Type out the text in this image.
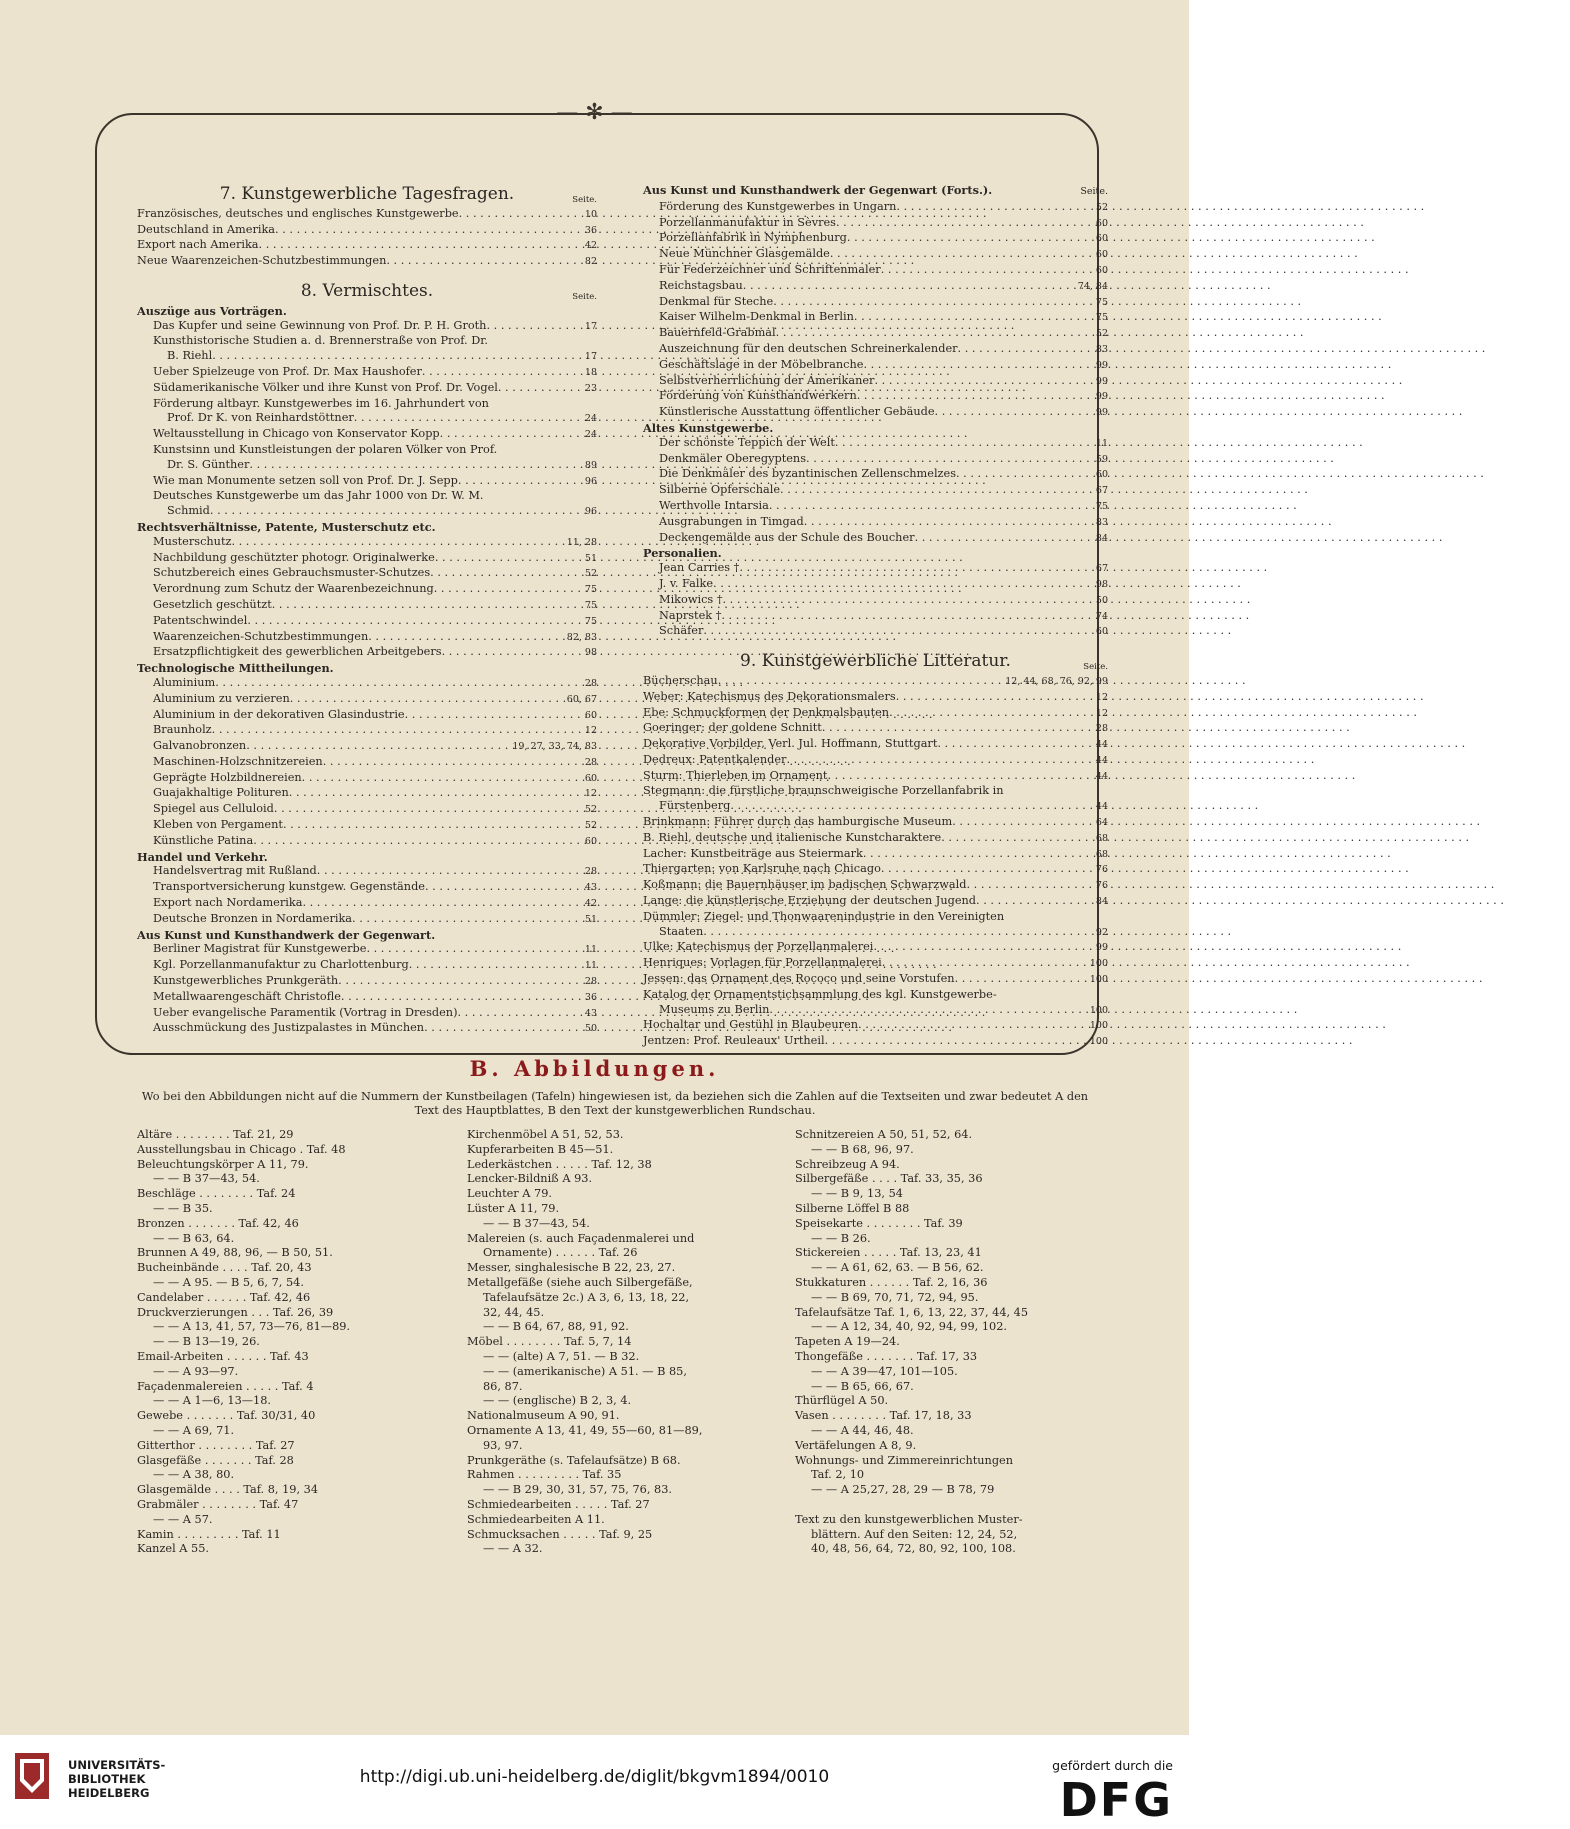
— ✻ —
7. Kunstgewerbliche Tagesfragen.	Seite.
Französisches, deutsches und englisches Kunstgewerbe . . .	10
Deutschland in Amerika . . .	36
Export nach Amerika . . .	42
Neue Waarenzeichen-Schutzbestimmungen . . .	82
8. Vermischtes.	Seite.
Auszüge aus Vorträgen.
Das Kupfer und seine Gewinnung von Prof. Dr. P. H. Groth . . .	17
Kunsthistorische Studien a. d. Brennerstraße von Prof. Dr.
B. Riehl . . .	17
Ueber Spielzeuge von Prof. Dr. Max Haushofer . . .	18
Südamerikanische Völker und ihre Kunst von Prof. Dr. Vogel . . .	23
Förderung altbayr. Kunstgewerbes im 16. Jahrhundert von
Prof. Dr K. von Reinhardstöttner . . .	24
Weltausstellung in Chicago von Konservator Kopp . . .	24
Kunstsinn und Kunstleistungen der polaren Völker von Prof.
Dr. S. Günther . . .	89
Wie man Monumente setzen soll von Prof. Dr. J. Sepp . . .	96
Deutsches Kunstgewerbe um das Jahr 1000 von Dr. W. M.
Schmid . . .	96
Rechtsverhältnisse, Patente, Musterschutz etc.
Musterschutz . . .	11, 28
Nachbildung geschützter photogr. Originalwerke . . .	51
Schutzbereich eines Gebrauchsmuster-Schutzes . . .	52
Verordnung zum Schutz der Waarenbezeichnung . . .	75
Gesetzlich geschützt . . .	75
Patentschwindel . . .	75
Waarenzeichen-Schutzbestimmungen . . .	82, 83
Ersatzpflichtigkeit des gewerblichen Arbeitgebers . . .	98
Technologische Mittheilungen.
Aluminium . . .	28
Aluminium zu verzieren . . .	60, 67
Aluminium in der dekorativen Glasindustrie . . .	60
Braunholz . . .	12
Galvanobronzen . . .	19, 27, 33, 74, 83
Maschinen-Holzschnitzereien . . .	28
Geprägte Holzbildnereien . . .	60
Guajakhaltige Polituren . . .	12
Spiegel aus Celluloid . . .	52
Kleben von Pergament . . .	52
Künstliche Patina . . .	60
Handel und Verkehr.
Handelsvertrag mit Rußland . . .	28
Transportversicherung kunstgew. Gegenstände . . .	43
Export nach Nordamerika . . .	42
Deutsche Bronzen in Nordamerika . . .	51
Aus Kunst und Kunsthandwerk der Gegenwart.
Berliner Magistrat für Kunstgewerbe . . .	11
Kgl. Porzellanmanufaktur zu Charlottenburg . . .	11
Kunstgewerbliches Prunkgeräth . . .	28
Metallwaarengeschäft Christofle . . .	36
Ueber evangelische Paramentik (Vortrag in Dresden) . . .	43
Ausschmückung des Justizpalastes in München . . .	50
Aus Kunst und Kunsthandwerk der Gegenwart (Forts.).	Seite.
Förderung des Kunstgewerbes in Ungarn . . .	52
Porzellanmanufaktur in Sèvres . . .	60
Porzellanfabrik in Nymphenburg . . .	60
Neue Münchner Glasgemälde . . .	60
Für Federzeichner und Schriftenmaler . . .	60
Reichstagsbau . . .	74, 84
Denkmal für Steche . . .	75
Kaiser Wilhelm-Denkmal in Berlin . . .	75
Bauernfeld-Grabmal . . .	52
Auszeichnung für den deutschen Schreinerkalender . . .	83
Geschäftslage in der Möbelbranche . . .	99
Selbstverherrlichung der Amerikaner . . .	99
Förderung von Kunsthandwerkern . . .	99
Künstlerische Ausstattung öffentlicher Gebäude . . .	99
Altes Kunstgewerbe.
Der schönste Teppich der Welt . . .	11
Denkmäler Oberegyptens . . .	59
Die Denkmäler des byzantinischen Zellenschmelzes . . .	60
Silberne Opferschale . . .	67
Werthvolle Intarsia . . .	75
Ausgrabungen in Timgad . . .	83
Deckengemälde aus der Schule des Boucher . . .	84
Personalien.
Jean Carries † . . .	67
J. v. Falke . . .	98
Mikowics † . . .	50
Naprstek † . . .	74
Schäfer . . .	60
9. Kunstgewerbliche Litteratur.	Seite.
Bücherschau . . .	12, 44, 68, 76, 92, 99
Weber: Katechismus des Dekorationsmalers . . .	12
Ebe: Schmuckformen der Denkmalsbauten . . .	12
Goeringer: der goldene Schnitt . . .	28
Dekorative Vorbilder, Verl. Jul. Hoffmann, Stuttgart . . .	44
Dedreux: Patentkalender . . .	44
Sturm: Thierleben im Ornament . . .	44
Stegmann: die fürstliche braunschweigische Porzellanfabrik in
Fürstenberg . . .	44
Brinkmann: Führer durch das hamburgische Museum . . .	64
B. Riehl, deutsche und italienische Kunstcharaktere . . .	68
Lacher: Kunstbeiträge aus Steiermark . . .	68
Thiergarten: von Karlsruhe nach Chicago . . .	76
Koßmann: die Bauernhäuser im badischen Schwarzwald . . .	76
Lange: die künstlerische Erziehung der deutschen Jugend . . .	84
Dümmler: Ziegel- und Thonwaarenindustrie in den Vereinigten
Staaten . . .	92
Ulke: Katechismus der Porzellanmalerei . . .	99
Henriques: Vorlagen für Porzellanmalerei . . .	100
Jessen: das Ornament des Rococo und seine Vorstufen . . .	100
Katalog der Ornamentstichsammlung des kgl. Kunstgewerbe-
Museums zu Berlin . . .	100
Hochaltar und Gestühl in Blaubeuren . . .	100
Jentzen: Prof. Reuleaux' Urtheil . . .	100
B. Abbildungen.
Wo bei den Abbildungen nicht auf die Nummern der Kunstbeilagen (Tafeln) hingewiesen ist, da beziehen sich die Zahlen auf die Textseiten und zwar bedeutet A den Text des Hauptblattes, B den Text der kunstgewerblichen Rundschau.
Altäre . . . . . . . . Taf. 21, 29
Ausstellungsbau in Chicago . Taf. 48
Beleuchtungskörper A 11, 79.
— — B 37—43, 54.
Beschläge . . . . . . . . Taf. 24
— — B 35.
Bronzen . . . . . . . Taf. 42, 46
— — B 63, 64.
Brunnen A 49, 88, 96, — B 50, 51.
Bucheinbände . . . . Taf. 20, 43
— — A 95. — B 5, 6, 7, 54.
Candelaber . . . . . . Taf. 42, 46
Druckverzierungen . . . Taf. 26, 39
— — A 13, 41, 57, 73—76, 81—89.
— — B 13—19, 26.
Email-Arbeiten . . . . . . Taf. 43
— — A 93—97.
Façadenmalereien . . . . . Taf. 4
— — A 1—6, 13—18.
Gewebe . . . . . . . Taf. 30/31, 40
— — A 69, 71.
Gitterthor . . . . . . . . Taf. 27
Glasgefäße . . . . . . . Taf. 28
— — A 38, 80.
Glasgemälde . . . . Taf. 8, 19, 34
Grabmäler . . . . . . . . Taf. 47
— — A 57.
Kamin . . . . . . . . . Taf. 11
Kanzel A 55.
Kirchenmöbel A 51, 52, 53.
Kupferarbeiten B 45—51.
Lederkästchen . . . . . Taf. 12, 38
Lencker-Bildniß A 93.
Leuchter A 79.
Lüster A 11, 79.
— — B 37—43, 54.
Malereien (s. auch Façadenmalerei und
Ornamente) . . . . . . Taf. 26
Messer, singhalesische B 22, 23, 27.
Metallgefäße (siehe auch Silbergefäße,
Tafelaufsätze 2c.) A 3, 6, 13, 18, 22,
32, 44, 45.
— — B 64, 67, 88, 91, 92.
Möbel . . . . . . . . Taf. 5, 7, 14
— — (alte) A 7, 51. — B 32.
— — (amerikanische) A 51. — B 85,
86, 87.
— — (englische) B 2, 3, 4.
Nationalmuseum A 90, 91.
Ornamente A 13, 41, 49, 55—60, 81—89,
93, 97.
Prunkgeräthe (s. Tafelaufsätze) B 68.
Rahmen . . . . . . . . . Taf. 35
— — B 29, 30, 31, 57, 75, 76, 83.
Schmiedearbeiten . . . . . Taf. 27
Schmiedearbeiten A 11.
Schmucksachen . . . . . Taf. 9, 25
— — A 32.
Schnitzereien A 50, 51, 52, 64.
— — B 68, 96, 97.
Schreibzeug A 94.
Silbergefäße . . . . Taf. 33, 35, 36
— — B 9, 13, 54
Silberne Löffel B 88
Speisekarte . . . . . . . . Taf. 39
— — B 26.
Stickereien . . . . . Taf. 13, 23, 41
— — A 61, 62, 63. — B 56, 62.
Stukkaturen . . . . . . Taf. 2, 16, 36
— — B 69, 70, 71, 72, 94, 95.
Tafelaufsätze Taf. 1, 6, 13, 22, 37, 44, 45
— — A 12, 34, 40, 92, 94, 99, 102.
Tapeten A 19—24.
Thongefäße . . . . . . . Taf. 17, 33
— — A 39—47, 101—105.
— — B 65, 66, 67.
Thürflügel A 50.
Vasen . . . . . . . . Taf. 17, 18, 33
— — A 44, 46, 48.
Vertäfelungen A 8, 9.
Wohnungs- und Zimmereinrichtungen
Taf. 2, 10
— — A 25,27, 28, 29 — B 78, 79

Text zu den kunstgewerblichen Muster-
blättern. Auf den Seiten: 12, 24, 52,
40, 48, 56, 64, 72, 80, 92, 100, 108.
UNIVERSITÄTS-
BIBLIOTHEK
HEIDELBERG
http://digi.ub.uni-heidelberg.de/diglit/bkgvm1894/0010
gefördert durch die
DFG
